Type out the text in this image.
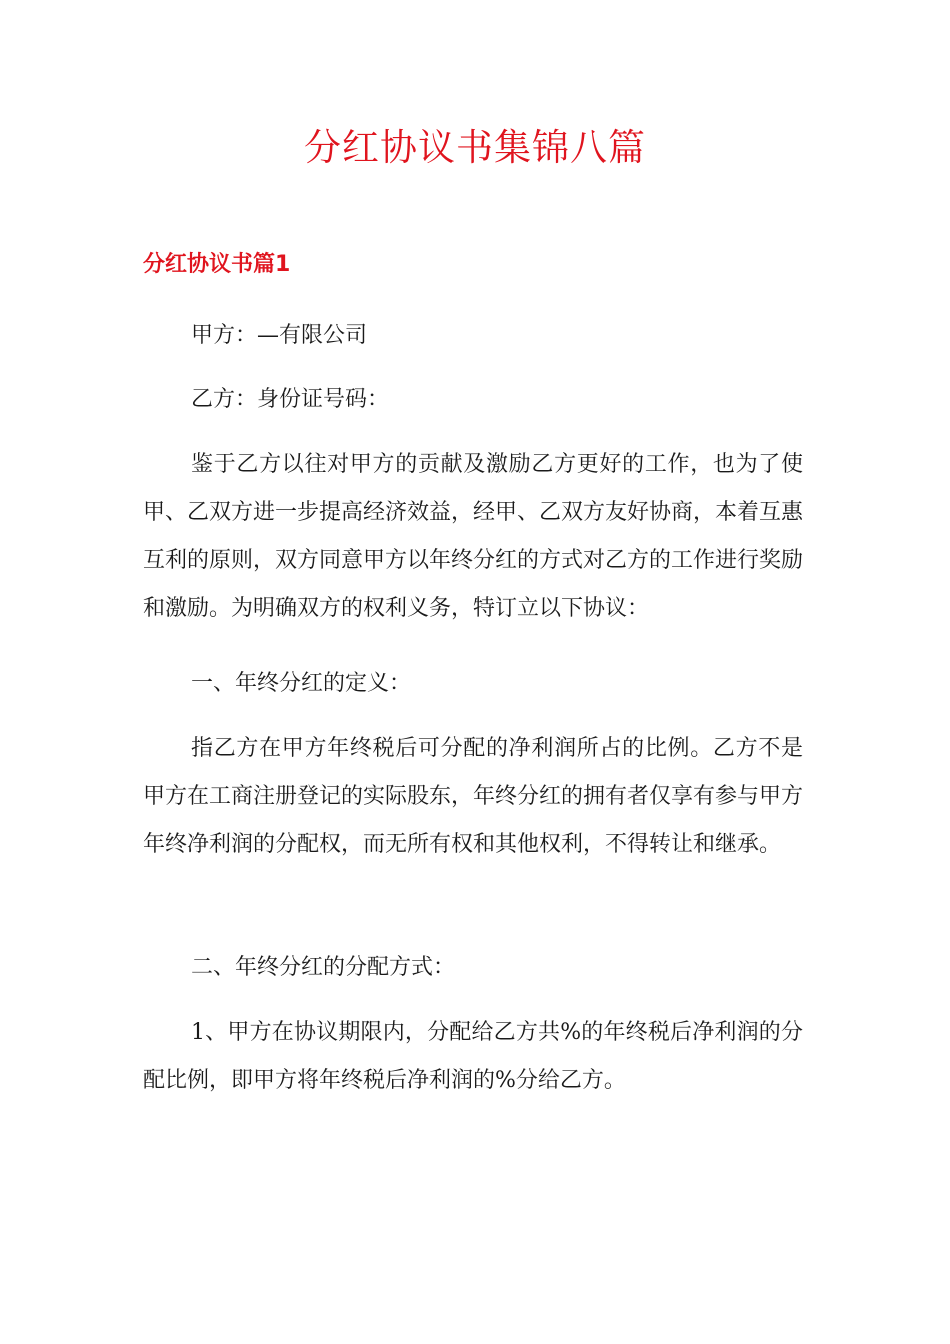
分红协议书集锦八篇
分红协议书篇1

甲方：—有限公司

乙方：身份证号码：

鉴于乙方以往对甲方的贡献及激励乙方更好的工作，也为了使甲、乙双方进一步提高经济效益，经甲、乙双方友好协商，本着互惠互利的原则，双方同意甲方以年终分红的方式对乙方的工作进行奖励和激励。为明确双方的权利义务，特订立以下协议：

一、年终分红的定义：

指乙方在甲方年终税后可分配的净利润所占的比例。乙方不是甲方在工商注册登记的实际股东，年终分红的拥有者仅享有参与甲方年终净利润的分配权，而无所有权和其他权利，不得转让和继承。

二、年终分红的分配方式：

1、甲方在协议期限内，分配给乙方共%的年终税后净利润的分配比例，即甲方将年终税后净利润的%分给乙方。
